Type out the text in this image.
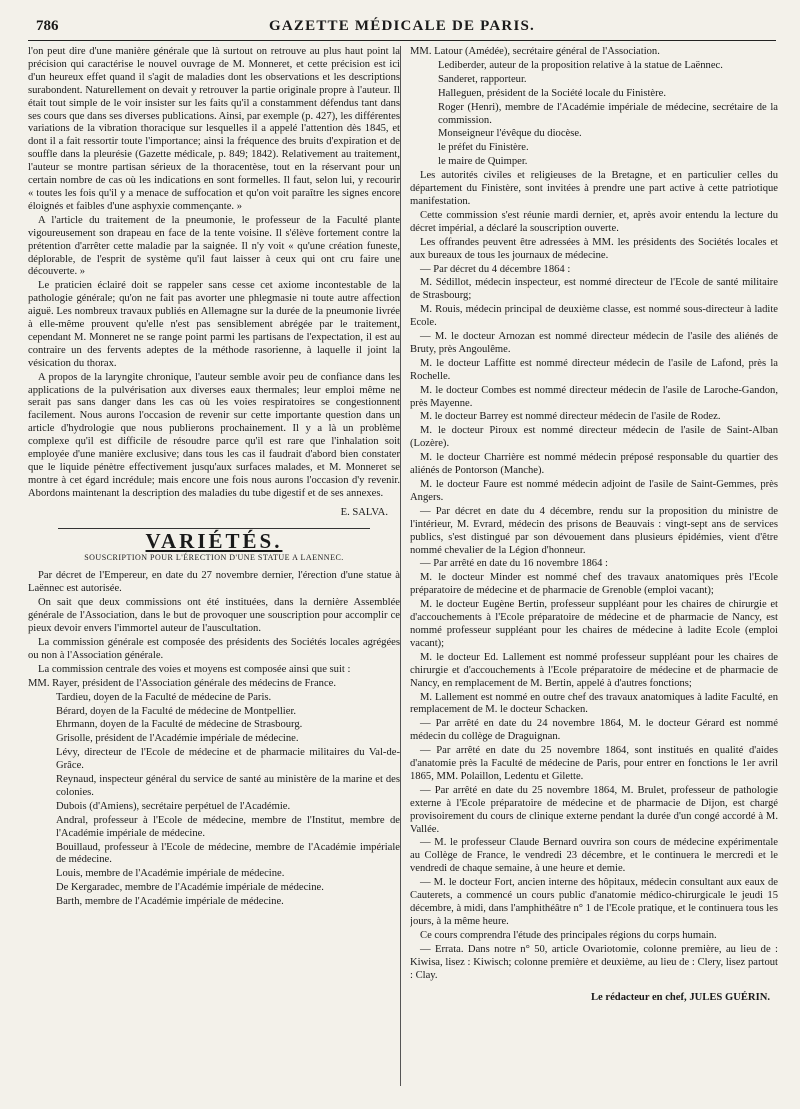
786	GAZETTE MÉDICALE DE PARIS.

l'on peut dire d'une manière générale que là surtout on retrouve au plus haut point la précision qui caractérise le nouvel ouvrage de M. Monneret, et cette précision est ici d'un heureux effet quand il s'agit de maladies dont les observations et les descriptions surabondent. Naturellement on devait y retrouver la partie originale propre à l'auteur. Il était tout simple de le voir insister sur les faits qu'il a constamment défendus tant dans ses cours que dans ses diverses publications. Ainsi, par exemple (p. 427), les différentes variations de la vibration thoracique sur lesquelles il a appelé l'attention dès 1845, et dont il a fait ressortir toute l'importance; ainsi la fréquence des bruits d'expiration et de souffle dans la pleurésie (Gazette médicale, p. 849; 1842). Relativement au traitement, l'auteur se montre partisan sérieux de la thoracentèse, tout en la réservant pour un certain nombre de cas où les indications en sont formelles. Il faut, selon lui, y recourir « toutes les fois qu'il y a menace de suffocation et qu'on voit paraître les signes encore éloignés et faibles d'une asphyxie commençante. »

A l'article du traitement de la pneumonie, le professeur de la Faculté plante vigoureusement son drapeau en face de la tente voisine. Il s'élève fortement contre la prétention d'arrêter cette maladie par la saignée. Il n'y voit « qu'une création funeste, déplorable, de l'esprit de système qu'il faut laisser à ceux qui ont cru faire une découverte. »

Le praticien éclairé doit se rappeler sans cesse cet axiome incontestable de la pathologie générale; qu'on ne fait pas avorter une phlegmasie ni toute autre affection aiguë. Les nombreux travaux publiés en Allemagne sur la durée de la pneumonie livrée à elle-même prouvent qu'elle n'est pas sensiblement abrégée par le traitement, cependant M. Monneret ne se range point parmi les partisans de l'expectation, il est au contraire un des fervents adeptes de la méthode rasorienne, à laquelle il joint la vésication du thorax.

A propos de la laryngite chronique, l'auteur semble avoir peu de confiance dans les applications de la pulvérisation aux diverses eaux thermales; leur emploi même ne serait pas sans danger dans les cas où les voies respiratoires se congestionnent facilement. Nous aurons l'occasion de revenir sur cette importante question dans un article d'hydrologie que nous publierons prochainement. Il y a là un problème complexe qu'il est difficile de résoudre parce qu'il est rare que l'inhalation soit employée d'une manière exclusive; dans tous les cas il faudrait d'abord bien constater que le liquide pénètre effectivement jusqu'aux surfaces malades, et M. Monneret se montre à cet égard incrédule; mais encore une fois nous aurons l'occasion d'y revenir. Abordons maintenant la description des maladies du tube digestif et de ses annexes.

E. SALVA.
VARIÉTÉS.
SOUSCRIPTION POUR L'ÉRECTION D'UNE STATUE A LAENNEC.

Par décret de l'Empereur, en date du 27 novembre dernier, l'érection d'une statue à Laënnec est autorisée.

On sait que deux commissions ont été instituées, dans la dernière Assemblée générale de l'Association, dans le but de provoquer une souscription pour accomplir ce pieux devoir envers l'immortel auteur de l'auscultation.

La commission générale est composée des présidents des Sociétés locales agrégées ou non à l'Association générale.

La commission centrale des voies et moyens est composée ainsi que suit :

MM. Rayer, président de l'Association générale des médecins de France.

Tardieu, doyen de la Faculté de médecine de Paris.

Bérard, doyen de la Faculté de médecine de Montpellier.

Ehrmann, doyen de la Faculté de médecine de Strasbourg.

Grisolle, président de l'Académie impériale de médecine.

Lévy, directeur de l'Ecole de médecine et de pharmacie militaires du Val-de-Grâce.

Reynaud, inspecteur général du service de santé au ministère de la marine et des colonies.

Dubois (d'Amiens), secrétaire perpétuel de l'Académie.

Andral, professeur à l'Ecole de médecine, membre de l'Institut, membre de l'Académie impériale de médecine.

Bouillaud, professeur à l'Ecole de médecine, membre de l'Académie impériale de médecine.

Louis, membre de l'Académie impériale de médecine.

De Kergaradec, membre de l'Académie impériale de médecine.

Barth, membre de l'Académie impériale de médecine.

MM. Latour (Amédée), secrétaire général de l'Association.

Lediberder, auteur de la proposition relative à la statue de Laënnec.

Sanderet, rapporteur.

Halleguen, président de la Société locale du Finistère.

Roger (Henri), membre de l'Académie impériale de médecine, secrétaire de la commission.

Monseigneur l'évêque du diocèse.

le préfet du Finistère.

le maire de Quimper.

Les autorités civiles et religieuses de la Bretagne, et en particulier celles du département du Finistère, sont invitées à prendre une part active à cette patriotique manifestation.

Cette commission s'est réunie mardi dernier, et, après avoir entendu la lecture du décret impérial, a déclaré la souscription ouverte.

Les offrandes peuvent être adressées à MM. les présidents des Sociétés locales et aux bureaux de tous les journaux de médecine.

— Par décret du 4 décembre 1864 :

M. Sédillot, médecin inspecteur, est nommé directeur de l'Ecole de santé militaire de Strasbourg;

M. Rouis, médecin principal de deuxième classe, est nommé sous-directeur à ladite Ecole.

— M. le docteur Arnozan est nommé directeur médecin de l'asile des aliénés de Bruty, près Angoulême.

M. le docteur Laffitte est nommé directeur médecin de l'asile de Lafond, près la Rochelle.

M. le docteur Combes est nommé directeur médecin de l'asile de Laroche-Gandon, près Mayenne.

M. le docteur Barrey est nommé directeur médecin de l'asile de Rodez.

M. le docteur Piroux est nommé directeur médecin de l'asile de Saint-Alban (Lozère).

M. le docteur Charrière est nommé médecin préposé responsable du quartier des aliénés de Pontorson (Manche).

M. le docteur Faure est nommé médecin adjoint de l'asile de Saint-Gemmes, près Angers.

— Par décret en date du 4 décembre, rendu sur la proposition du ministre de l'intérieur, M. Evrard, médecin des prisons de Beauvais : vingt-sept ans de services publics, s'est distingué par son dévouement dans plusieurs épidémies, vient d'être nommé chevalier de la Légion d'honneur.

— Par arrêté en date du 16 novembre 1864 :

M. le docteur Minder est nommé chef des travaux anatomiques près l'Ecole préparatoire de médecine et de pharmacie de Grenoble (emploi vacant);

M. le docteur Eugène Bertin, professeur suppléant pour les chaires de chirurgie et d'accouchements à l'Ecole préparatoire de médecine et de pharmacie de Nancy, est nommé professeur suppléant pour les chaires de médecine à ladite Ecole (emploi vacant);

M. le docteur Ed. Lallement est nommé professeur suppléant pour les chaires de chirurgie et d'accouchements à l'Ecole préparatoire de médecine et de pharmacie de Nancy, en remplacement de M. Bertin, appelé à d'autres fonctions;

M. Lallement est nommé en outre chef des travaux anatomiques à ladite Faculté, en remplacement de M. le docteur Schacken.

— Par arrêté en date du 24 novembre 1864, M. le docteur Gérard est nommé médecin du collège de Draguignan.

— Par arrêté en date du 25 novembre 1864, sont institués en qualité d'aides d'anatomie près la Faculté de médecine de Paris, pour entrer en fonctions le 1er avril 1865, MM. Polaillon, Ledentu et Gilette.

— Par arrêté en date du 25 novembre 1864, M. Brulet, professeur de pathologie externe à l'Ecole préparatoire de médecine et de pharmacie de Dijon, est chargé provisoirement du cours de clinique externe pendant la durée d'un congé accordé à M. Vallée.

— M. le professeur Claude Bernard ouvrira son cours de médecine expérimentale au Collège de France, le vendredi 23 décembre, et le continuera le mercredi et le vendredi de chaque semaine, à une heure et demie.

— M. le docteur Fort, ancien interne des hôpitaux, médecin consultant aux eaux de Cauterets, a commencé un cours public d'anatomie médico-chirurgicale le jeudi 15 décembre, à midi, dans l'amphithéâtre n° 1 de l'Ecole pratique, et le continuera tous les jours, à la même heure.

Ce cours comprendra l'étude des principales régions du corps humain.

— Errata. Dans notre n° 50, article Ovariotomie, colonne première, au lieu de : Kiwisa, lisez : Kiwisch; colonne première et deuxième, au lieu de : Clery, lisez partout : Clay.

Le rédacteur en chef, JULES GUÉRIN.
